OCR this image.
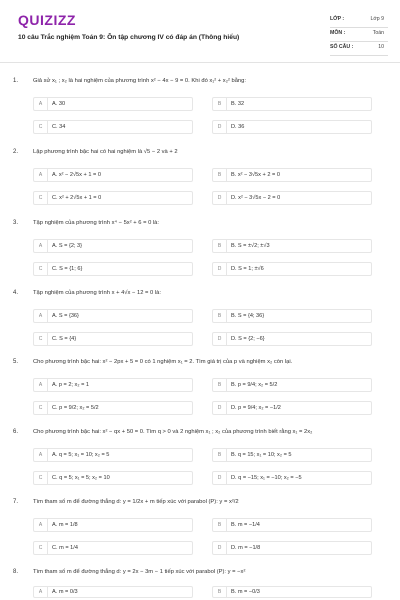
QUIZIZZ
10 câu Trắc nghiệm Toán 9: Ôn tập chương IV có đáp án (Thông hiểu)
LỚP :	Lớp 9
MÔN :	Toán
SỐ CÂU :	10
1.	Giả sử x₁ ; x₂ là hai nghiệm của phương trình x² − 4x − 9 = 0. Khi đó x₁² + x₂² bằng:
A	A. 30	B	B. 32
C	C. 34	D	D. 36
2.	Lập phương trình bậc hai có hai nghiệm là √5 − 2 và + 2
A	A. x² − 2√5x + 1 = 0	B	B. x² − 3√5x + 2 = 0
C	C. x² + 2√5x + 1 = 0	D	D. x² − 3√5x − 2 = 0
3.	Tập nghiệm của phương trình x⁴ − 5x² + 6 = 0 là:
A	A. S = {2; 3}	B	B. S = ±√2; ±√3
C	C. S = {1; 6}	D	D. S = 1; ±√6
4.	Tập nghiệm của phương trình x + 4√x − 12 = 0 là:
A	A. S = {36}	B	B. S = {4; 36}
C	C. S = {4}	D	D. S = {2; −6}
5.	Cho phương trình bậc hai: x² − 2px + 5 = 0 có 1 nghiệm x₁ = 2. Tìm giá trị của p và nghiệm x₂ còn lại.
A	A. p = 2; x₂ = 1	B	B. p = 9/4; x₂ = 5/2
C	C. p = 9/2; x₂ = 5/2	D	D. p = 9/4; x₂ = −1/2
6.	Cho phương trình bậc hai: x² − qx + 50 = 0. Tìm q > 0 và 2 nghiệm x₁ ; x₂ của phương trình biết rằng x₁ = 2x₂
A	A. q = 5; x₁ = 10; x₂ = 5	B	B. q = 15; x₁ = 10; x₂ = 5
C	C. q = 5; x₁ = 5; x₂ = 10	D	D. q = −15; x₁ = −10; x₂ = −5
7.	Tìm tham số m để đường thẳng d: y = 1/2x + m tiếp xúc với parabol (P): y = x²/2
A	A. m = 1/8	B	B. m = −1/4
C	C. m = 1/4	D	D. m = −1/8
8.	Tìm tham số m để đường thẳng d: y = 2x − 3m − 1 tiếp xúc với parabol (P): y = −x²
A	A. m = 0/3	B	B. m = −0/3
